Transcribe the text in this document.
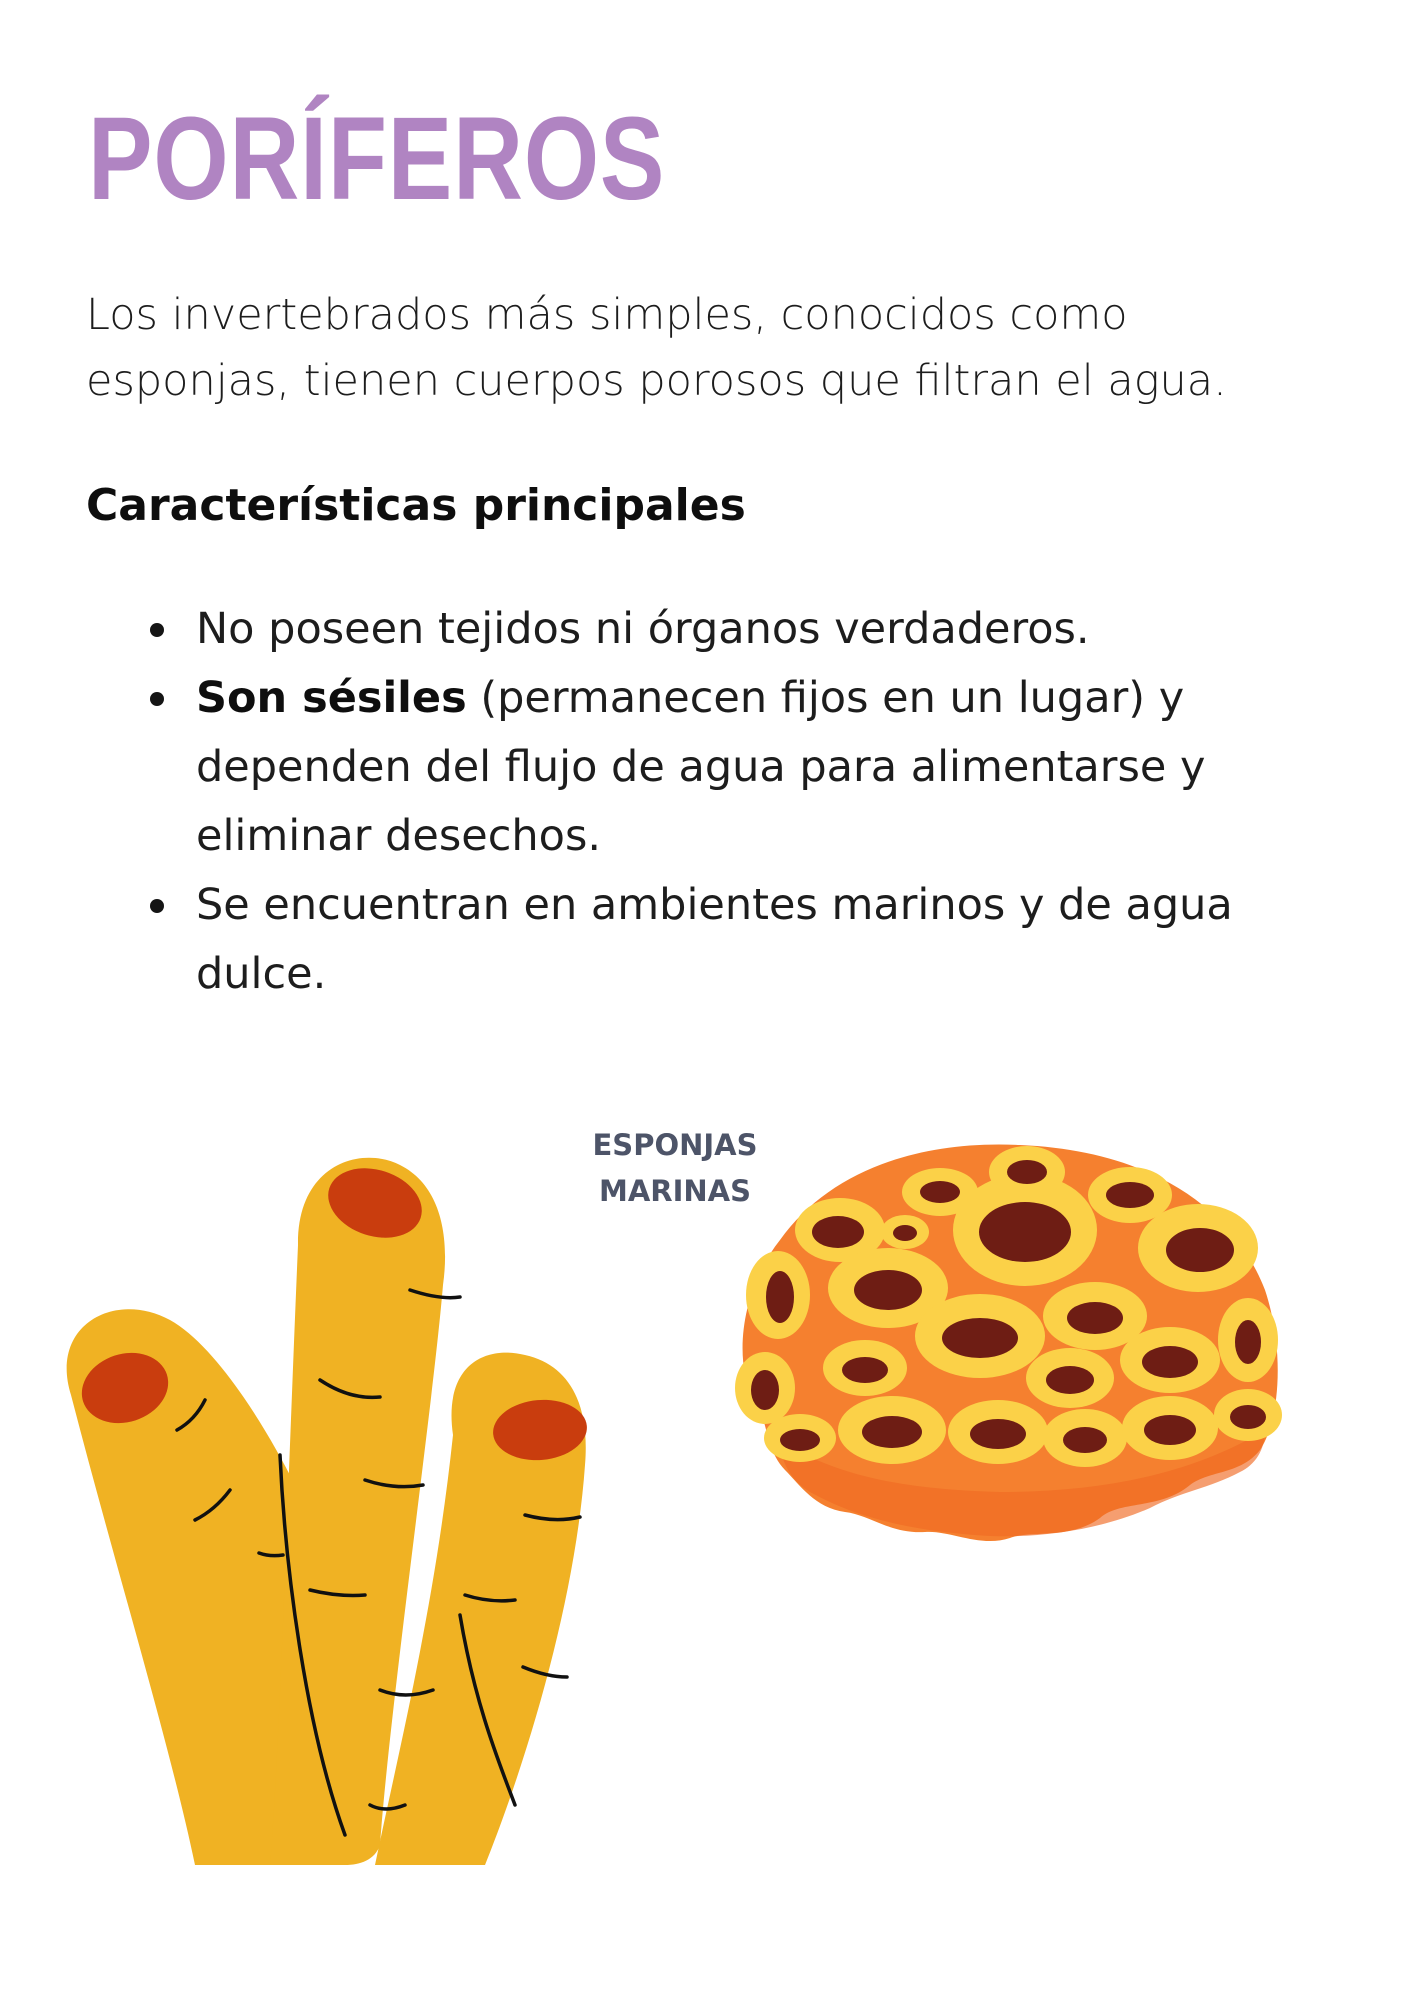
PORÍFEROS

Los invertebrados más simples, conocidos como esponjas, tienen cuerpos porosos que filtran el agua.

Características principales
No poseen tejidos ni órganos verdaderos.
Son sésiles (permanecen fijos en un lugar) y dependen del flujo de agua para alimentarse y eliminar desechos.
Se encuentran en ambientes marinos y de agua dulce.

ESPONJAS
MARINAS
